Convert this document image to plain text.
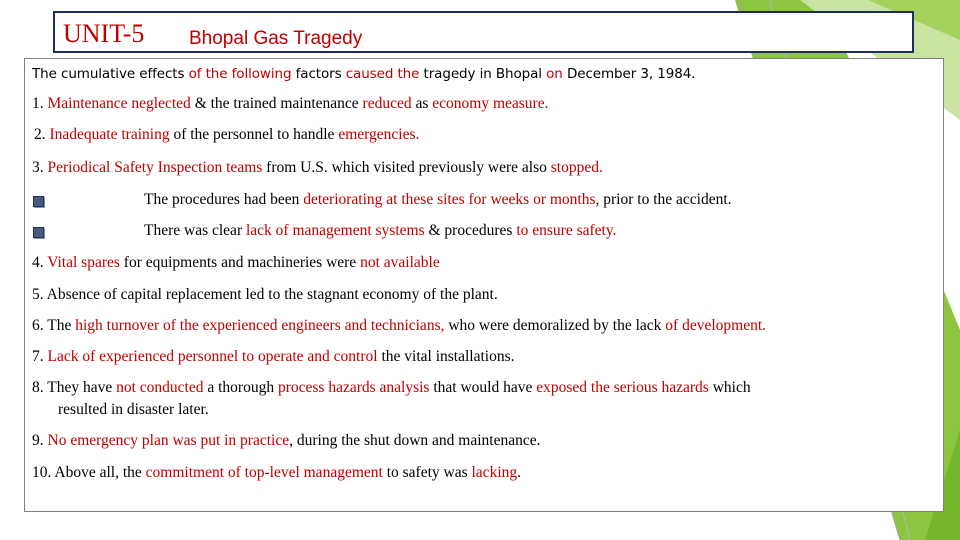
UNIT-5 Bhopal Gas Tragedy
The cumulative effects of the following factors caused the tragedy in Bhopal on December 3, 1984.
1. Maintenance neglected & the trained maintenance reduced as economy measure.
2. Inadequate training of the personnel to handle emergencies.
3. Periodical Safety Inspection teams from U.S. which visited previously were also stopped.
The procedures had been deteriorating at these sites for weeks or months, prior to the accident.
There was clear lack of management systems & procedures to ensure safety.
4. Vital spares for equipments and machineries were not available
5. Absence of capital replacement led to the stagnant economy of the plant.
6. The high turnover of the experienced engineers and technicians, who were demoralized by the lack of development.
7. Lack of experienced personnel to operate and control the vital installations.
8. They have not conducted a thorough process hazards analysis that would have exposed the serious hazards which
resulted in disaster later.
9. No emergency plan was put in practice, during the shut down and maintenance.
10. Above all, the commitment of top-level management to safety was lacking.
